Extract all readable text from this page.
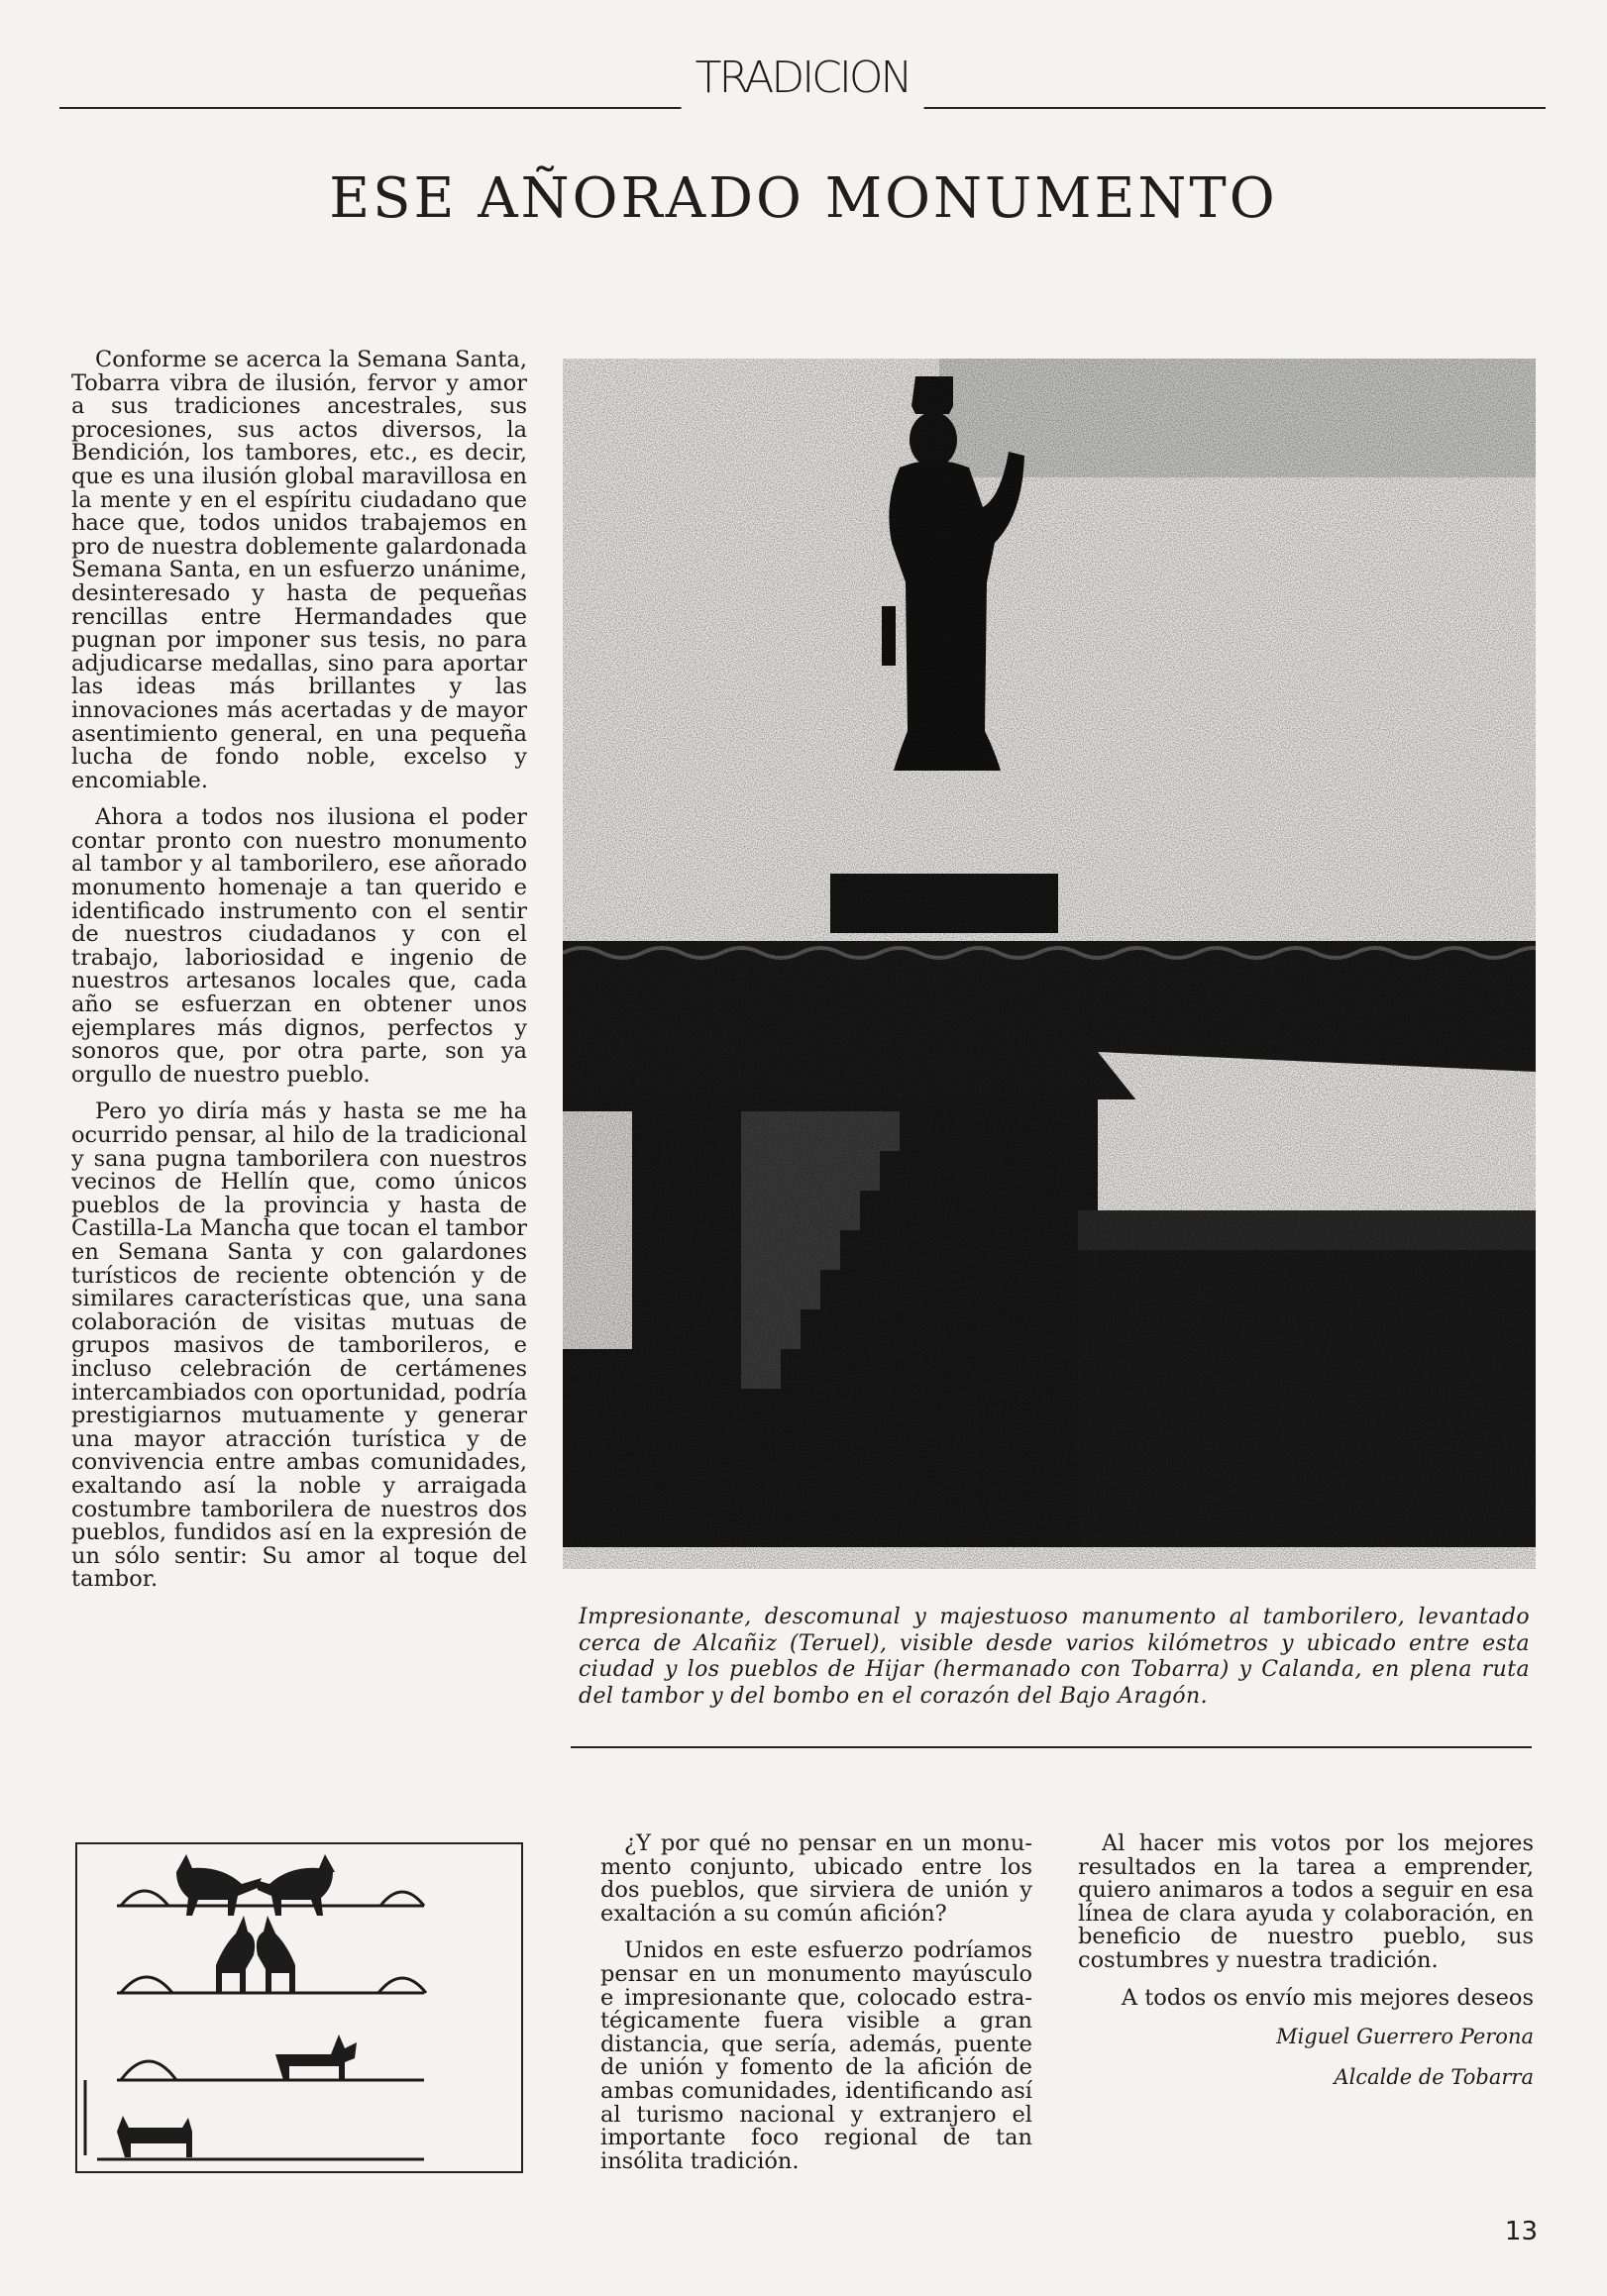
TRADICION
ESE AÑORADO MONUMENTO

Conforme se acerca la Semana Santa, Tobarra vibra de ilusión, fervor y amor a sus tradiciones ancestrales, sus procesiones, sus actos diversos, la Bendición, los tambores, etc., es decir, que es una ilusión global maravillosa en la mente y en el espíritu ciudadano que hace que, todos unidos trabajemos en pro de nuestra doblemente galardonada Semana Santa, en un esfuerzo unánime, desinteresado y hasta de pequeñas rencillas entre Hermandades que pugnan por imponer sus tesis, no para adjudicarse medallas, sino para aportar las ideas más brillantes y las innovaciones más acertadas y de mayor asentimiento general, en una pequeña lucha de fondo noble, excelso y encomiable.

Ahora a todos nos ilusiona el poder contar pronto con nuestro monumento al tambor y al tamborilero, ese añorado monumento homenaje a tan querido e identificado instrumento con el sentir de nuestros ciudadanos y con el trabajo, laboriosidad e ingenio de nuestros artesanos locales que, cada año se esfuerzan en obtener unos ejemplares más dignos, perfectos y sonoros que, por otra parte, son ya orgullo de nuestro pueblo.

Pero yo diría más y hasta se me ha ocurrido pensar, al hilo de la tradicional y sana pugna tamborilera con nuestros vecinos de Hellín que, como únicos pueblos de la provincia y hasta de Castilla-La Mancha que tocan el tambor en Semana Santa y con galardones turísticos de reciente obtención y de similares características que, una sana colaboración de visitas mutuas de grupos masivos de tamborileros, e incluso celebración de certámenes intercambiados con oportunidad, podría prestigiarnos mutuamente y generar una mayor atracción turística y de convivencia entre ambas comunidades, exaltando así la noble y arraigada costumbre tamborilera de nuestros dos pueblos, fundidos así en la expresión de un sólo sentir: Su amor al toque del tambor.

Impresionante, descomunal y majestuoso manumento al tamborilero, levantado cerca de Alcañiz (Teruel), visible desde varios kilómetros y ubicado entre esta ciudad y los pueblos de Hijar (hermanado con Tobarra) y Calanda, en plena ruta del tambor y del bombo en el corazón del Bajo Aragón.

¿Y por qué no pensar en un monumento conjunto, ubicado entre los dos pueblos, que sirviera de unión y exaltación a su común afición?

Unidos en este esfuerzo podríamos pensar en un monumento mayúsculo e impresionante que, colocado estratégicamente fuera visible a gran distancia, que sería, además, puente de unión y fomento de la afición de ambas comunidades, identificando así al turismo nacional y extranjero el importante foco regional de tan insólita tradición.

Al hacer mis votos por los mejores resultados en la tarea a emprender, quiero animaros a todos a seguir en esa línea de clara ayuda y colaboración, en beneficio de nuestro pueblo, sus costumbres y nuestra tradición.

A todos os envío mis mejores deseos

Miguel Guerrero Perona

Alcalde de Tobarra

13
